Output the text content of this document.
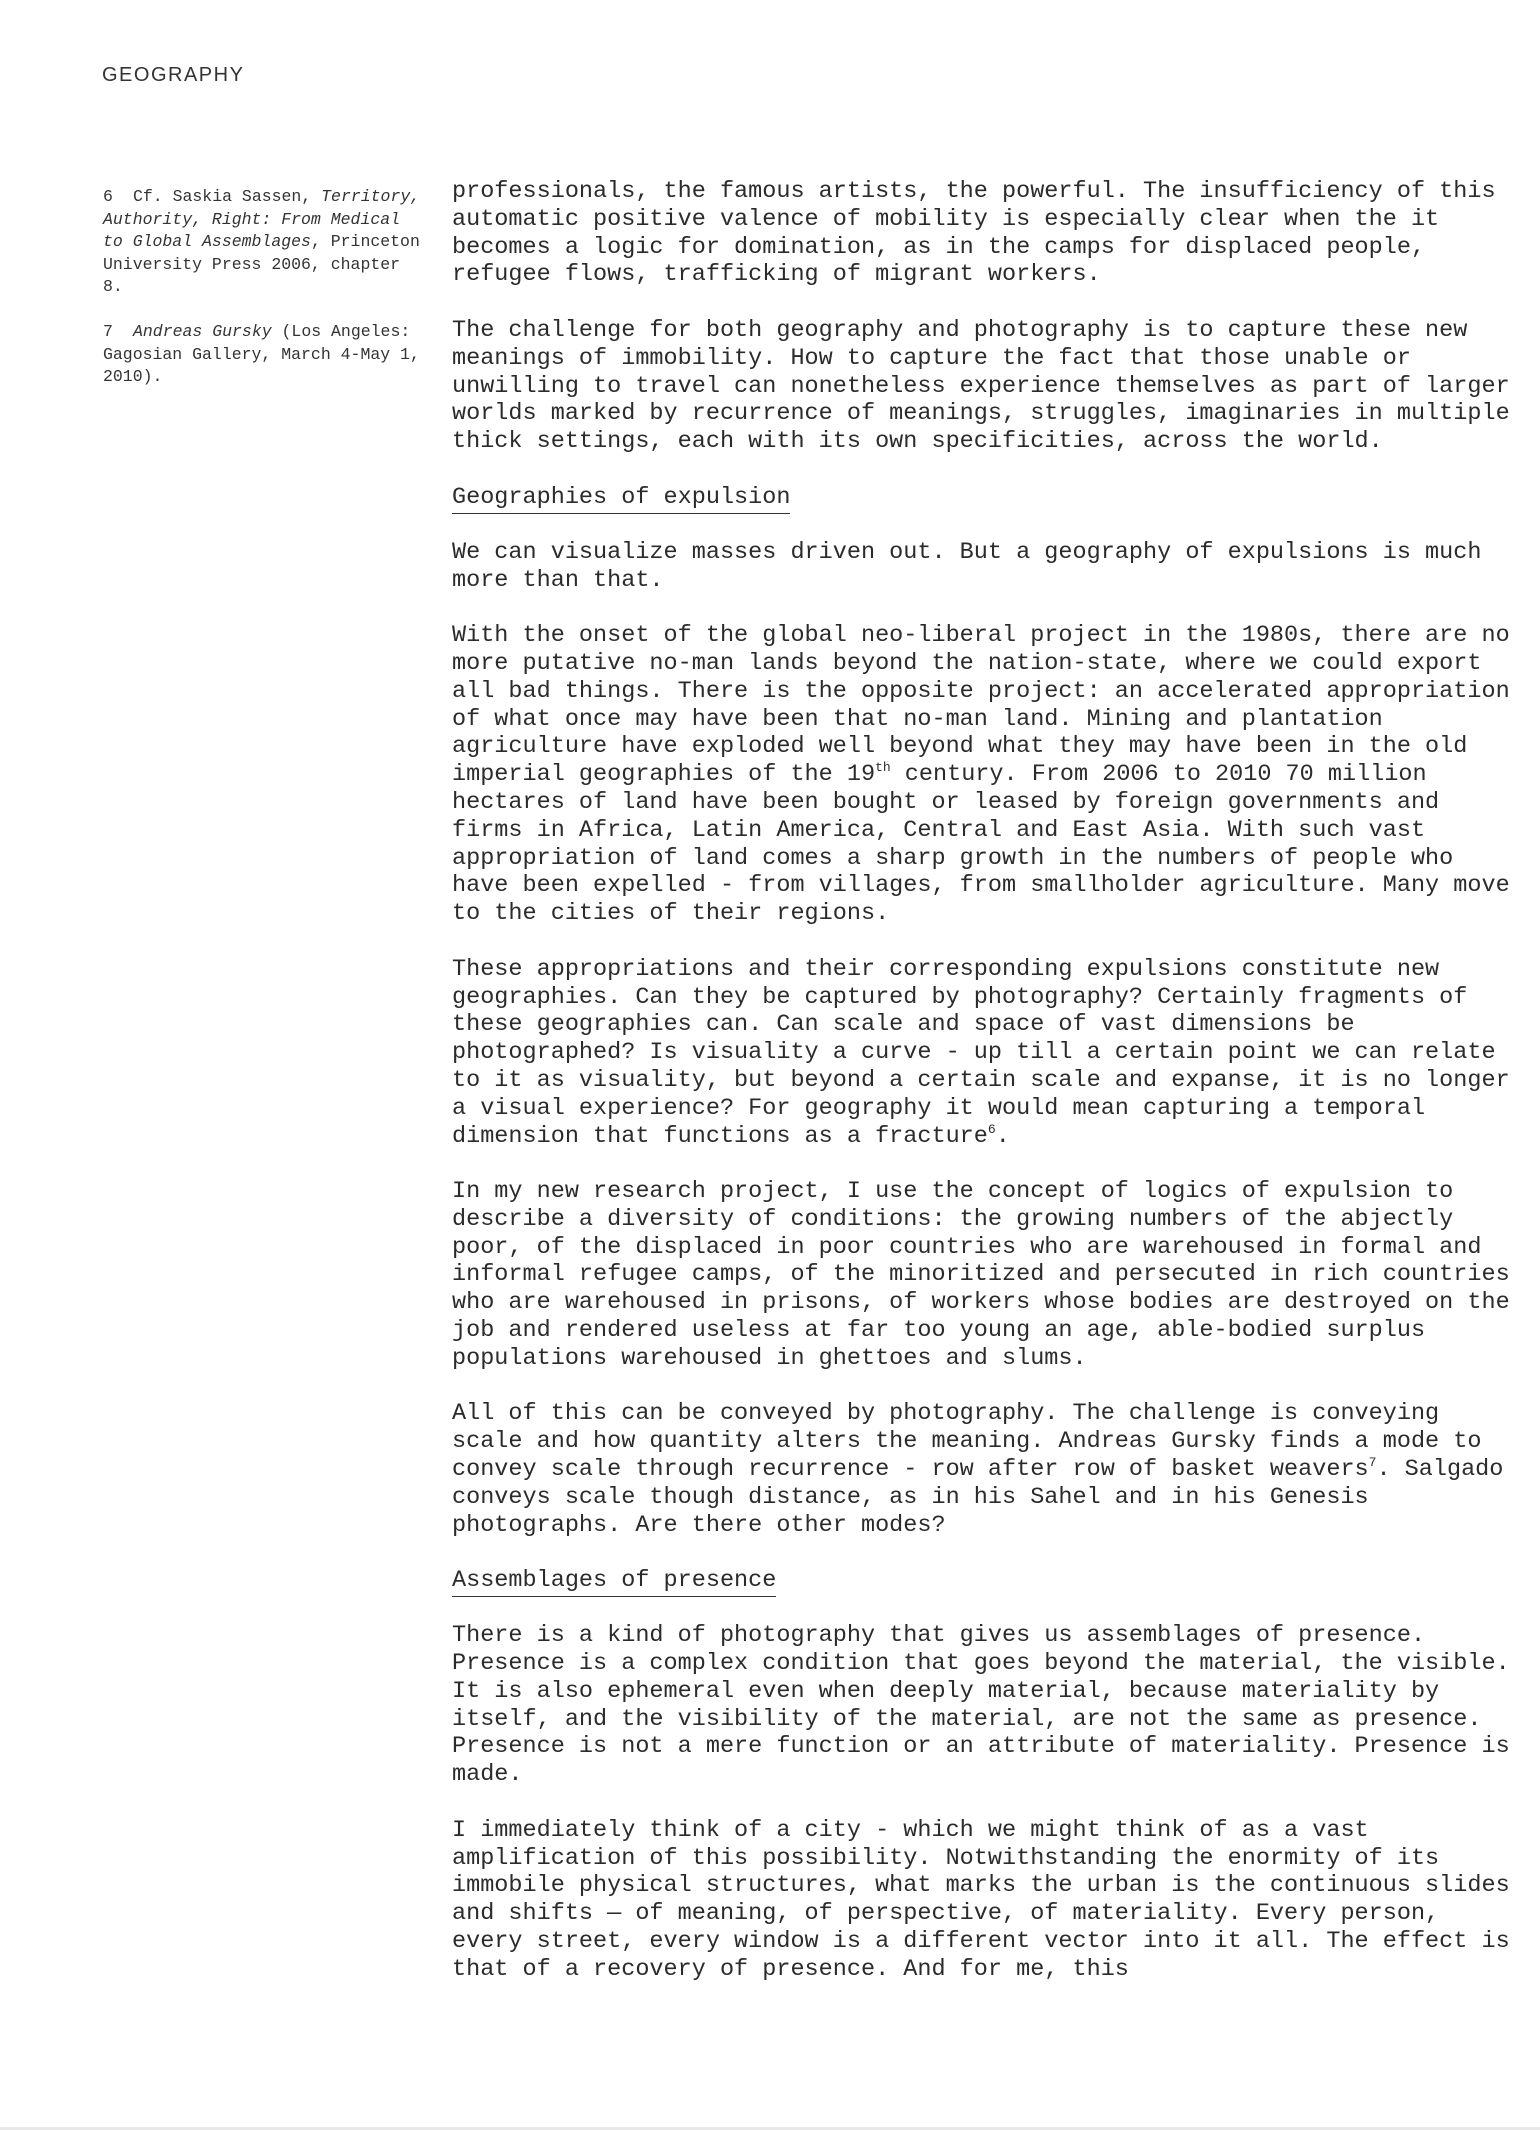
GEOGRAPHY
6 Cf. Saskia Sassen, Territory, Authority, Right: From Medical to Global Assemblages, Princeton University Press 2006, chapter 8.
7 Andreas Gursky (Los Angeles: Gagosian Gallery, March 4-May 1, 2010).

professionals, the famous artists, the powerful. The insufficiency of this automatic positive valence of mobility is especially clear when the it becomes a logic for domination, as in the camps for displaced people, refugee flows, trafficking of migrant workers.

The challenge for both geography and photography is to capture these new meanings of immobility. How to capture the fact that those unable or unwilling to travel can nonetheless experience themselves as part of larger worlds marked by recurrence of meanings, struggles, imaginaries in multiple thick settings, each with its own specificities, across the world.

Geographies of expulsion

We can visualize masses driven out. But a geography of expulsions is much more than that.

With the onset of the global neo-liberal project in the 1980s, there are no more putative no-man lands beyond the nation-state, where we could export all bad things. There is the opposite project: an accelerated appropriation of what once may have been that no-man land. Mining and plantation agriculture have exploded well beyond what they may have been in the old imperial geographies of the 19th century. From 2006 to 2010 70 million hectares of land have been bought or leased by foreign governments and firms in Africa, Latin America, Central and East Asia. With such vast appropriation of land comes a sharp growth in the numbers of people who have been expelled - from villages, from smallholder agriculture. Many move to the cities of their regions.

These appropriations and their corresponding expulsions constitute new geographies. Can they be captured by photography? Certainly fragments of these geographies can. Can scale and space of vast dimensions be photographed? Is visuality a curve - up till a certain point we can relate to it as visuality, but beyond a certain scale and expanse, it is no longer a visual experience? For geography it would mean capturing a temporal dimension that functions as a fracture$^6$.

In my new research project, I use the concept of logics of expulsion to describe a diversity of conditions: the growing numbers of the abjectly poor, of the displaced in poor countries who are warehoused in formal and informal refugee camps, of the minoritized and persecuted in rich countries who are warehoused in prisons, of workers whose bodies are destroyed on the job and rendered useless at far too young an age, able-bodied surplus populations warehoused in ghettoes and slums.

All of this can be conveyed by photography. The challenge is conveying scale and how quantity alters the meaning. Andreas Gursky finds a mode to convey scale through recurrence - row after row of basket weavers$^7$. Salgado conveys scale though distance, as in his Sahel and in his Genesis photographs. Are there other modes?

Assemblages of presence

There is a kind of photography that gives us assemblages of presence. Presence is a complex condition that goes beyond the material, the visible. It is also ephemeral even when deeply material, because materiality by itself, and the visibility of the material, are not the same as presence. Presence is not a mere function or an attribute of materiality. Presence is made.

I immediately think of a city - which we might think of as a vast amplification of this possibility. Notwithstanding the enormity of its immobile physical structures, what marks the urban is the continuous slides and shifts — of meaning, of perspective, of materiality. Every person, every street, every window is a different vector into it all. The effect is that of a recovery of presence. And for me, this
